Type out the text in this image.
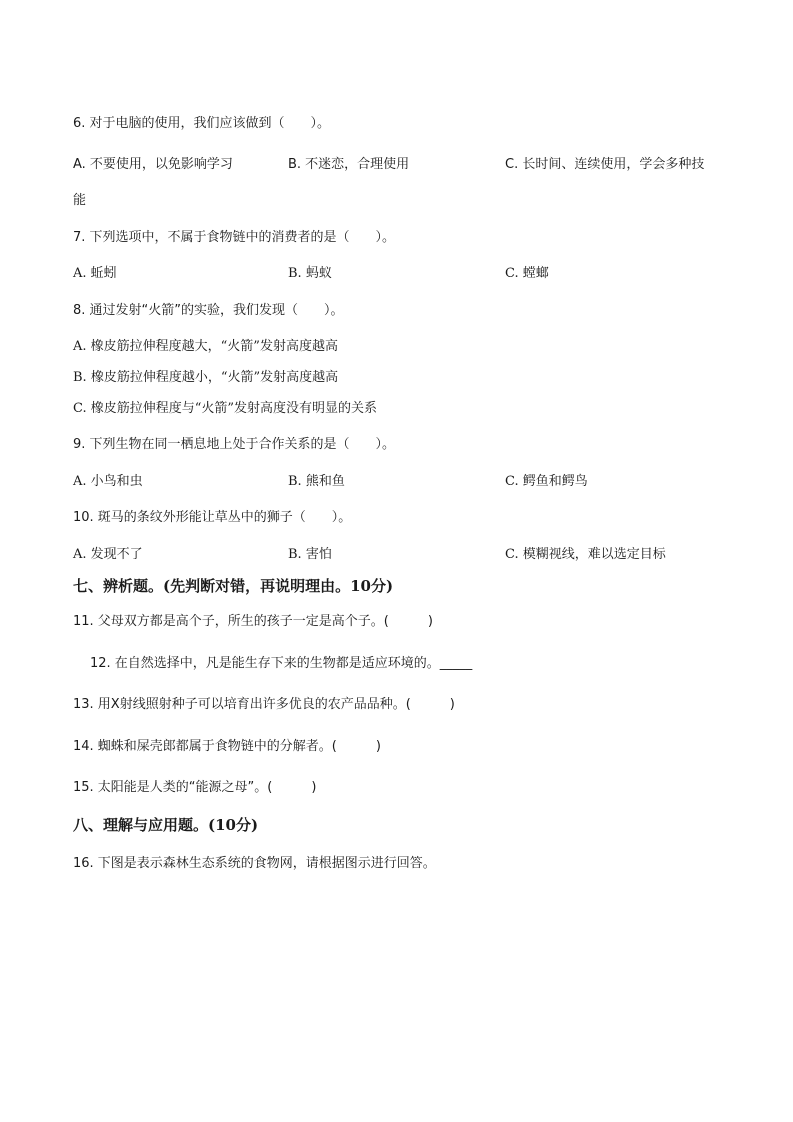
6. 对于电脑的使用，我们应该做到（　　）。
A. 不要使用，以免影响学习	B. 不迷恋，合理使用	C. 长时间、连续使用，学会多种技
能
7. 下列选项中，不属于食物链中的消费者的是（　　）。
A. 蚯蚓	B. 蚂蚁	C. 螳螂
8. 通过发射“火箭”的实验，我们发现（　　）。
A. 橡皮筋拉伸程度越大，“火箭”发射高度越高
B. 橡皮筋拉伸程度越小，“火箭”发射高度越高
C. 橡皮筋拉伸程度与“火箭”发射高度没有明显的关系
9. 下列生物在同一栖息地上处于合作关系的是（　　）。
A. 小鸟和虫	B. 熊和鱼	C. 鳄鱼和鳄鸟
10. 斑马的条纹外形能让草丛中的狮子（　　）。
A. 发现不了	B. 害怕	C. 模糊视线，难以选定目标
七、辨析题。(先判断对错，再说明理由。10分)
11. 父母双方都是高个子，所生的孩子一定是高个子。(　　　)
12. 在自然选择中，凡是能生存下来的生物都是适应环境的。_____
13. 用X射线照射种子可以培育出许多优良的农产品品种。(　　　)
14. 蜘蛛和屎壳郎都属于食物链中的分解者。(　　　)
15. 太阳能是人类的“能源之母”。(　　　)
八、理解与应用题。(10分)
16. 下图是表示森林生态系统的食物网，请根据图示进行回答。
